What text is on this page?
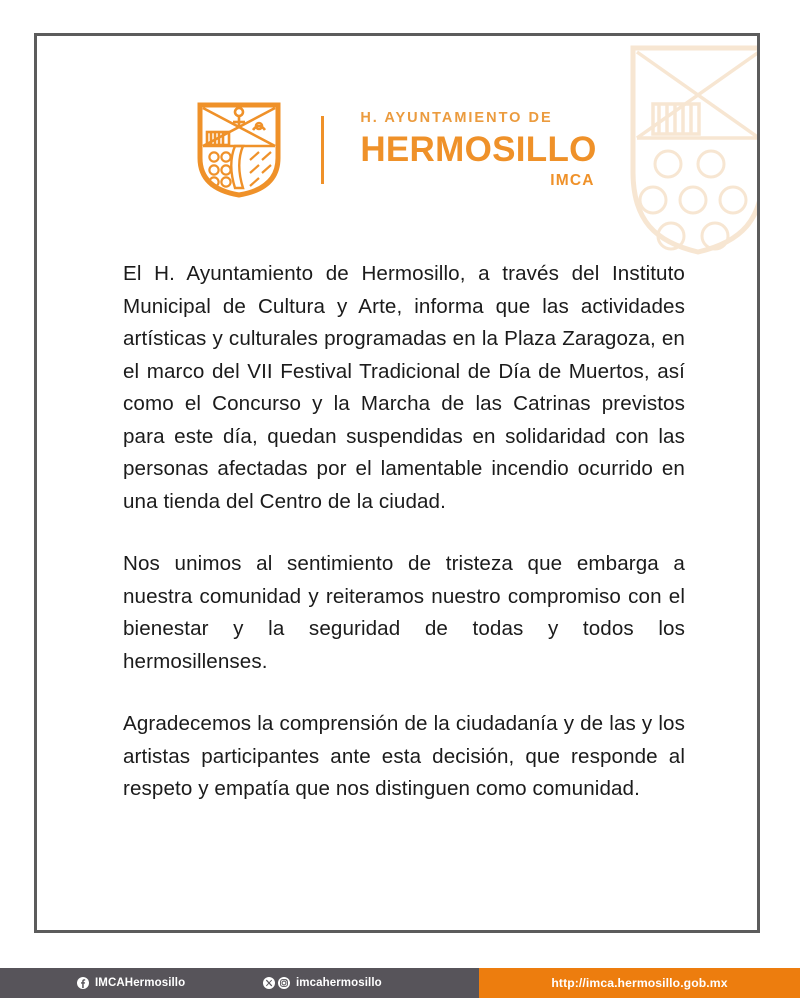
H. AYUNTAMIENTO DE
HERMOSILLO
IMCA

El H. Ayuntamiento de Hermosillo, a través del Instituto Municipal de Cultura y Arte, informa que las actividades artísticas y culturales programadas en la Plaza Zaragoza, en el marco del VII Festival Tradicional de Día de Muertos, así como el Concurso y la Marcha de las Catrinas previstos para este día, quedan suspendidas en solidaridad con las personas afectadas por el lamentable incendio ocurrido en una tienda del Centro de la ciudad.

Nos unimos al sentimiento de tristeza que embarga a nuestra comunidad y reiteramos nuestro compromiso con el bienestar y la seguridad de todas y todos los hermosillenses.

Agradecemos la comprensión de la ciudadanía y de las y los artistas participantes ante esta decisión, que responde al respeto y empatía que nos distinguen como comunidad.

IMCAHermosillo	imcahermosillo	http://imca.hermosillo.gob.mx
